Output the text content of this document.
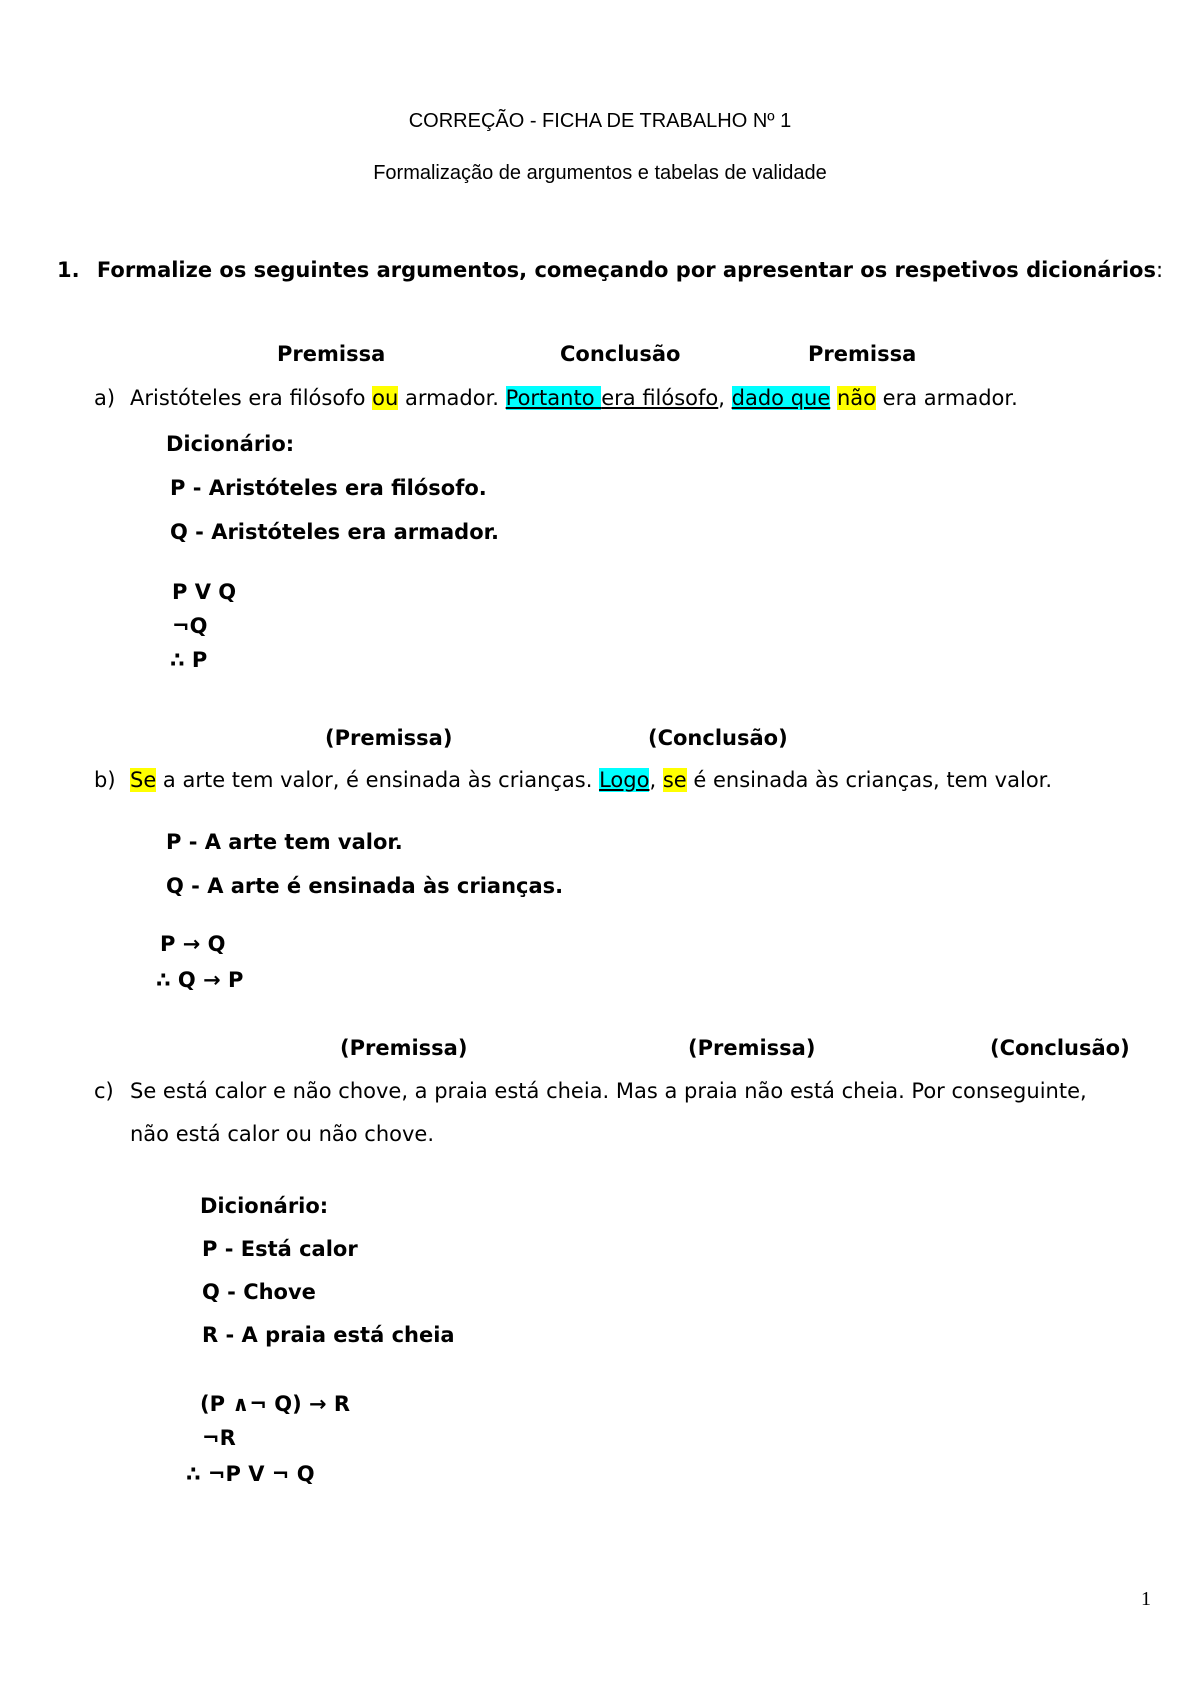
CORREÇÃO - FICHA DE TRABALHO Nº 1
Formalização de argumentos e tabelas de validade
1. Formalize os seguintes argumentos, começando por apresentar os respetivos dicionários:
Premissa	Conclusão	Premissa
a) Aristóteles era filósofo ou armador. Portanto era filósofo, dado que não era armador.
Dicionário:
P - Aristóteles era filósofo.
Q - Aristóteles era armador.
P V Q
¬Q
∴ P
(Premissa)	(Conclusão)
b) Se a arte tem valor, é ensinada às crianças. Logo, se é ensinada às crianças, tem valor.
P - A arte tem valor.
Q - A arte é ensinada às crianças.
P → Q
∴ Q → P
(Premissa)	(Premissa)	(Conclusão)
c) Se está calor e não chove, a praia está cheia. Mas a praia não está cheia. Por conseguinte,
não está calor ou não chove.
Dicionário:
P - Está calor
Q - Chove
R - A praia está cheia
(P ∧¬ Q) → R
¬R
∴ ¬P V ¬ Q
1
